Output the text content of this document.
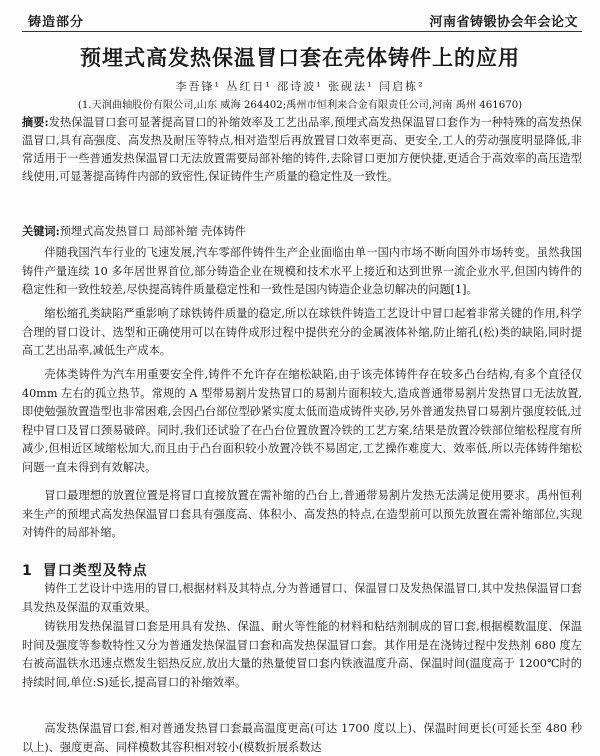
铸造部分	河南省铸锻协会年会论文
预埋式高发热保温冒口套在壳体铸件上的应用
李吾锋¹ 丛红日¹ 邵诗波¹ 张砚法¹ 闫启栋²
(1.天润曲轴股份有限公司,山东 威海 264402;禹州市恒利来合金有限责任公司,河南 禹州 461670)
摘要:发热保温冒口套可显著提高冒口的补缩效率及工艺出品率,预埋式高发热保温冒口套作为一种特殊的高发热保温冒口,具有高强度、高发热及耐压等特点,相对造型后再放置冒口效率更高、更安全,工人的劳动强度明显降低,非常适用于一些普通发热保温冒口无法放置需要局部补缩的铸件,去除冒口更加方便快捷,更适合于高效率的高压造型线使用,可显著提高铸件内部的致密性,保证铸件生产质量的稳定性及一致性。
关键词:预埋式高发热冒口 局部补缩 壳体铸件

伴随我国汽车行业的飞速发展,汽车零部件铸件生产企业面临由单一国内市场不断向国外市场转变。虽然我国铸件产量连续 10 多年居世界首位,部分铸造企业在规模和技术水平上接近和达到世界一流企业水平,但国内铸件的稳定性和一致性较差,尽快提高铸件质量稳定性和一致性是国内铸造企业急切解决的问题[1]。

缩松缩孔类缺陷严重影响了球铁铸件质量的稳定,所以在球铁件铸造工艺设计中冒口起着非常关键的作用,科学合理的冒口设计、选型和正确使用可以在铸件成形过程中提供充分的金属液体补缩,防止缩孔(松)类的缺陷,同时提高工艺出品率,减低生产成本。

壳体类铸件为汽车用重要安全件,铸件不允许存在缩松缺陷,由于该壳体铸件存在较多凸台结构,有多个直径仅 40mm 左右的孤立热节。常规的 A 型带易割片发热冒口的易割片面积较大,造成普通带易割片发热冒口无法放置,即使勉强放置造型也非常困难,会因凸台部位型砂紧实度太低而造成铸件夹砂,另外普通发热冒口易割片强度较低,过程中冒口及冒口颈易破碎。同时,我们还试验了在凸台位置放置冷铁的工艺方案,结果是放置冷铁部位缩松程度有所减少,但相近区域缩松加大,而且由于凸台面积较小放置冷铁不易固定,工艺操作难度大、效率低,所以壳体铸件缩松问题一直未得到有效解决。

冒口最理想的放置位置是将冒口直接放置在需补缩的凸台上,普通带易割片发热无法满足使用要求。禹州恒利来生产的预埋式高发热保温冒口套具有强度高、体积小、高发热的特点,在造型前可以预先放置在需补缩部位,实现对铸件的局部补缩。

1 冒口类型及特点

铸件工艺设计中选用的冒口,根据材料及其特点,分为普通冒口、保温冒口及发热保温冒口,其中发热保温冒口套具发热及保温的双重效果。

铸铁用发热保温冒口套是用具有发热、保温、耐火等性能的材料和粘结剂制成的冒口套,根据模数温度、保温时间及强度等参数特性又分为普通发热保温冒口套和高发热保温冒口套。其作用是在浇铸过程中发热剂 680 度左右被高温铁水迅速点燃发生铝热反应,放出大量的热量使冒口套内铁液温度升高、保温时间(温度高于 1200℃时的持续时间,单位:S)延长,提高冒口的补缩效率。

高发热保温冒口套,相对普通发热冒口套最高温度更高(可达 1700 度以上)、保温时间更长(可延长至 480 秒以上)、强度更高、同样模数其容积相对较小(模数折展系数达
